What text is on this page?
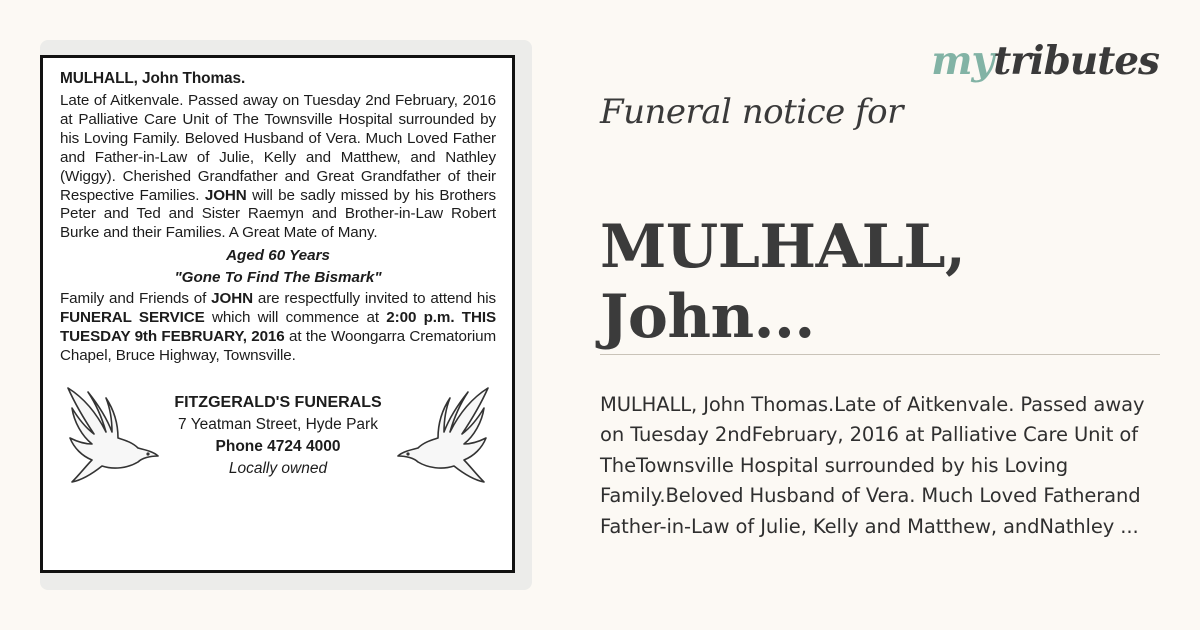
MULHALL, John Thomas.
Late of Aitkenvale. Passed away on Tuesday 2nd February, 2016 at Palliative Care Unit of The Townsville Hospital surrounded by his Loving Family. Beloved Husband of Vera. Much Loved Father and Father-in-Law of Julie, Kelly and Matthew, and Nathley (Wiggy). Cherished Grandfather and Great Grandfather of their Respective Families. JOHN will be sadly missed by his Brothers Peter and Ted and Sister Raemyn and Brother-in-Law Robert Burke and their Families. A Great Mate of Many.
Aged 60 Years
"Gone To Find The Bismark"
Family and Friends of JOHN are respectfully invited to attend his FUNERAL SERVICE which will commence at 2:00 p.m. THIS TUESDAY 9th FEBRUARY, 2016 at the Woongarra Crematorium Chapel, Bruce Highway, Townsville.
FITZGERALD'S FUNERALS
7 Yeatman Street, Hyde Park
Phone 4724 4000
Locally owned
mytributes
Funeral notice for
MULHALL, John...
MULHALL, John Thomas.Late of Aitkenvale. Passed away on Tuesday 2ndFebruary, 2016 at Palliative Care Unit of TheTownsville Hospital surrounded by his Loving Family.Beloved Husband of Vera. Much Loved Fatherand Father-in-Law of Julie, Kelly and Matthew, andNathley ...
